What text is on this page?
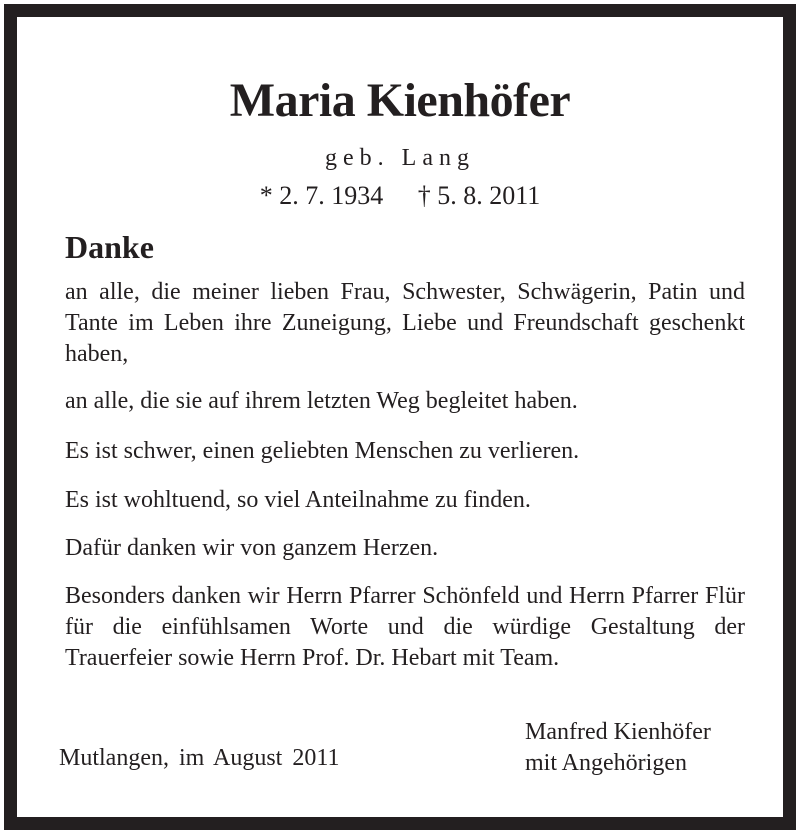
Maria Kienhöfer
geb. Lang
* 2. 7. 1934 † 5. 8. 2011
Danke
an alle, die meiner lieben Frau, Schwester, Schwägerin, Patin und Tante im Leben ihre Zuneigung, Liebe und Freundschaft geschenkt haben,
an alle, die sie auf ihrem letzten Weg begleitet haben.
Es ist schwer, einen geliebten Menschen zu verlieren.
Es ist wohltuend, so viel Anteilnahme zu finden.
Dafür danken wir von ganzem Herzen.
Besonders danken wir Herrn Pfarrer Schönfeld und Herrn Pfarrer Flür für die einfühlsamen Worte und die würdige Gestaltung der Trauerfeier sowie Herrn Prof. Dr. Hebart mit Team.
Mutlangen, im August 2011
Manfred Kienhöfer
mit Angehörigen
